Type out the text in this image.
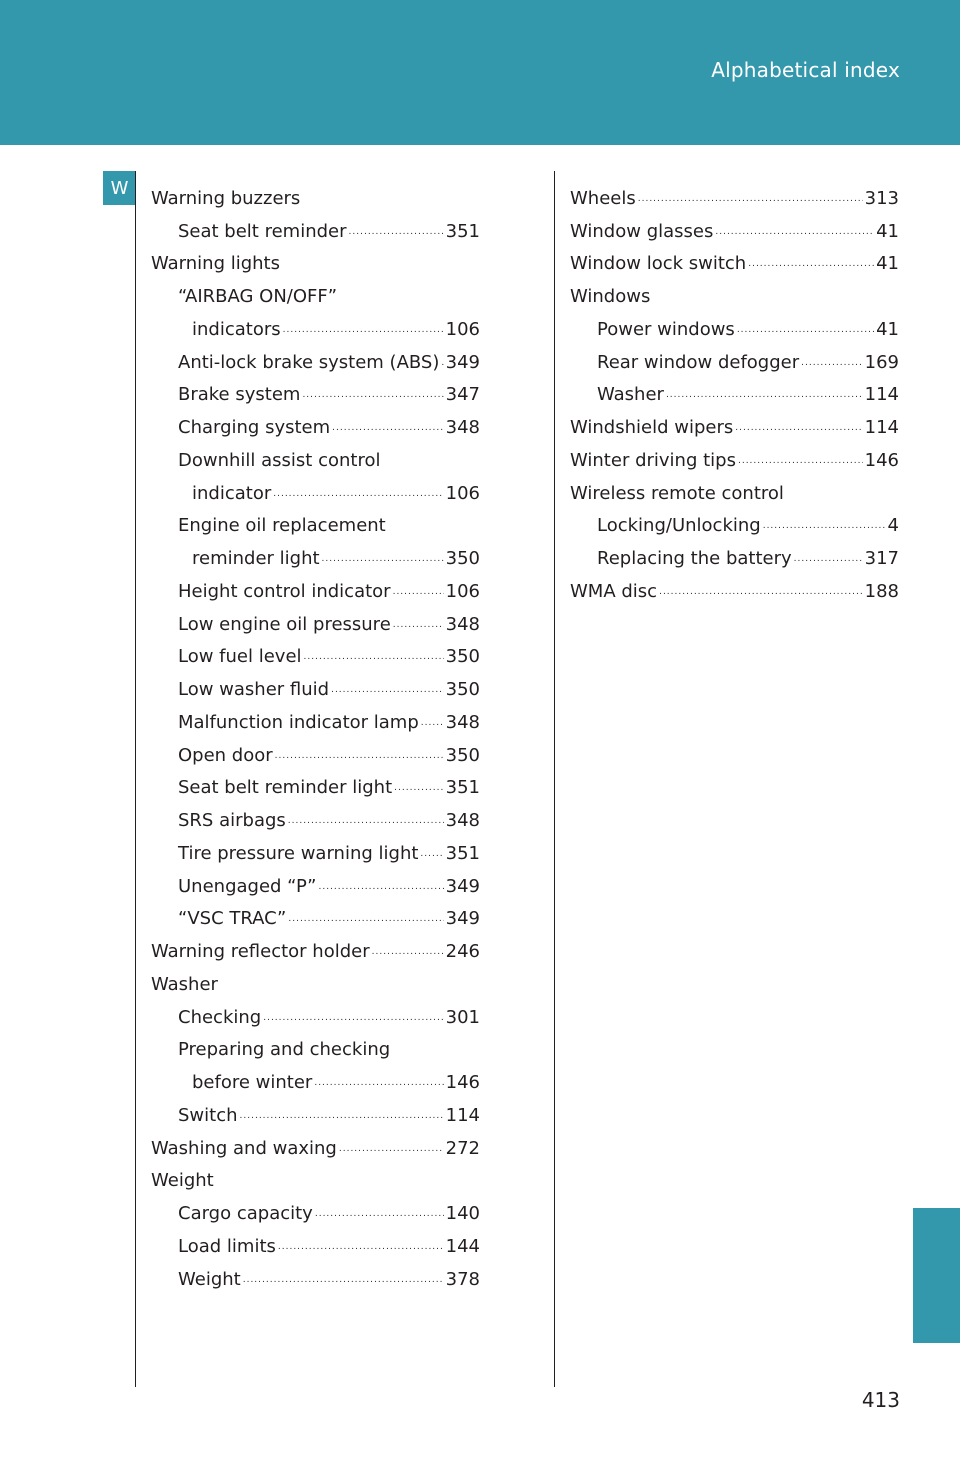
Alphabetical index
W	Warning buzzers
Seat belt reminder .....	351
Warning lights
“AIRBAG ON/OFF”
indicators .....	106
Anti-lock brake system (ABS) ..... 349
Brake system .....	347
Charging system .....	348
Downhill assist control
indicator .....	106
Engine oil replacement
reminder light .....	350
Height control indicator .....	106
Low engine oil pressure .....	348
Low fuel level .....	350
Low washer fluid .....	350
Malfunction indicator lamp ..... 348
Open door .....	350
Seat belt reminder light .....	351
SRS airbags .....	348
Tire pressure warning light ..... 351
Unengaged “P” .....	349
“VSC TRAC” .....	349
Warning reflector holder .....	246
Washer
Checking .....	301
Preparing and checking
before winter .....	146
Switch .....	114
Washing and waxing .....	272
Weight
Cargo capacity .....	140
Load limits .....	144
Weight .....	378
Wheels .....	313
Window glasses .....	41
Window lock switch .....	41
Windows
Power windows .....	41
Rear window defogger .....	169
Washer .....	114
Windshield wipers .....	114
Winter driving tips .....	146
Wireless remote control
Locking/Unlocking .....	4
Replacing the battery .....	317
WMA disc .....	188
413
